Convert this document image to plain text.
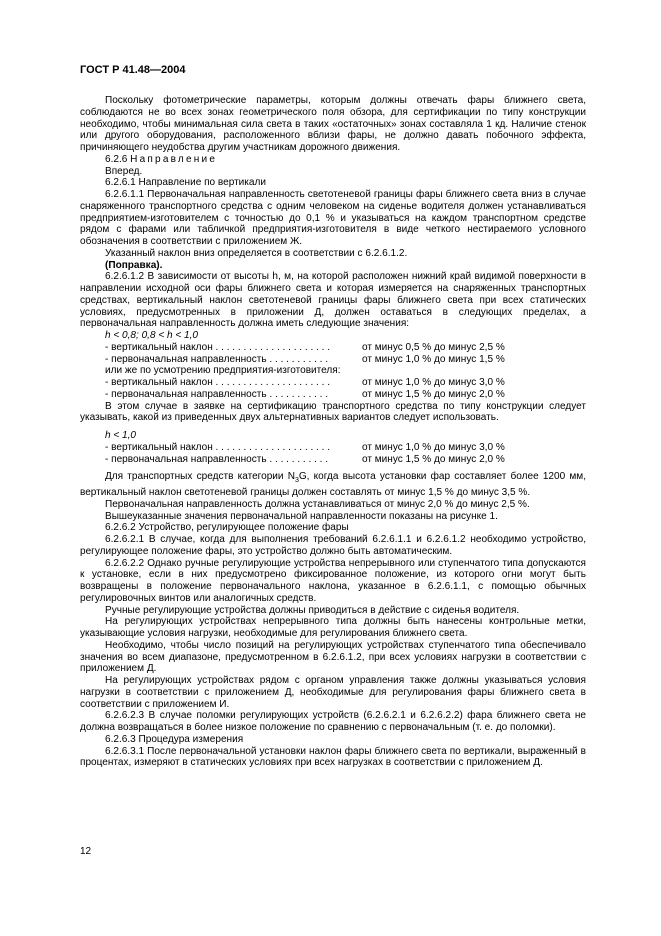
ГОСТ Р 41.48—2004

Поскольку фотометрические параметры, которым должны отвечать фары ближнего света, соблюдаются не во всех зонах геометрического поля обзора, для сертификации по типу конструкции необходимо, чтобы минимальная сила света в таких «остаточных» зонах составляла 1 кд. Наличие стенок или другого оборудования, расположенного вблизи фары, не должно давать побочного эффекта, причиняющего неудобства другим участникам дорожного движения.

6.2.6 Направление

Вперед.

6.2.6.1 Направление по вертикали

6.2.6.1.1 Первоначальная направленность светотеневой границы фары ближнего света вниз в случае снаряженного транспортного средства с одним человеком на сиденье водителя должен устанавливаться предприятием-изготовителем с точностью до 0,1 % и указываться на каждом транспортном средстве рядом с фарами или табличкой предприятия-изготовителя в виде четкого нестираемого условного обозначения в соответствии с приложением Ж.

Указанный наклон вниз определяется в соответствии с 6.2.6.1.2.

(Поправка).

6.2.6.1.2 В зависимости от высоты h, м, на которой расположен нижний край видимой поверхности в направлении исходной оси фары ближнего света и которая измеряется на снаряженных транспортных средствах, вертикальный наклон светотеневой границы фары ближнего света при всех статических условиях, предусмотренных в приложении Д, должен оставаться в следующих пределах, а первоначальная направленность должна иметь следующие значения:

h < 0,8; 0,8 < h < 1,0

- вертикальный наклон . . . . . . . . . . . . . . . . . . . . .	от минус 0,5 % до минус 2,5 %
- первоначальная направленность . . . . . . . . . . .	от минус 1,0 % до минус 1,5 %

или же по усмотрению предприятия-изготовителя:

- вертикальный наклон . . . . . . . . . . . . . . . . . . . . .	от минус 1,0 % до минус 3,0 %
- первоначальная направленность . . . . . . . . . . .	от минус 1,5 % до минус 2,0 %

В этом случае в заявке на сертификацию транспортного средства по типу конструкции следует указывать, какой из приведенных двух альтернативных вариантов следует использовать.

h < 1,0

- вертикальный наклон . . . . . . . . . . . . . . . . . . . . .	от минус 1,0 % до минус 3,0 %
- первоначальная направленность . . . . . . . . . . .	от минус 1,5 % до минус 2,0 %

Для транспортных средств категории $N_3G$, когда высота установки фар составляет более 1200 мм, вертикальный наклон светотеневой границы должен составлять от минус 1,5 % до минус 3,5 %.

Первоначальная направленность должна устанавливаться от минус 2,0 % до минус 2,5 %.

Вышеуказанные значения первоначальной направленности показаны на рисунке 1.

6.2.6.2 Устройство, регулирующее положение фары

6.2.6.2.1 В случае, когда для выполнения требований 6.2.6.1.1 и 6.2.6.1.2 необходимо устройство, регулирующее положение фары, это устройство должно быть автоматическим.

6.2.6.2.2 Однако ручные регулирующие устройства непрерывного или ступенчатого типа допускаются к установке, если в них предусмотрено фиксированное положение, из которого огни могут быть возвращены в положение первоначального наклона, указанное в 6.2.6.1.1, с помощью обычных регулировочных винтов или аналогичных средств.

Ручные регулирующие устройства должны приводиться в действие с сиденья водителя.

На регулирующих устройствах непрерывного типа должны быть нанесены контрольные метки, указывающие условия нагрузки, необходимые для регулирования ближнего света.

Необходимо, чтобы число позиций на регулирующих устройствах ступенчатого типа обеспечивало значения во всем диапазоне, предусмотренном в 6.2.6.1.2, при всех условиях нагрузки в соответствии с приложением Д.

На регулирующих устройствах рядом с органом управления также должны указываться условия нагрузки в соответствии с приложением Д, необходимые для регулирования фары ближнего света в соответствии с приложением И.

6.2.6.2.3 В случае поломки регулирующих устройств (6.2.6.2.1 и 6.2.6.2.2) фара ближнего света не должна возвращаться в более низкое положение по сравнению с первоначальным (т. е. до поломки).

6.2.6.3 Процедура измерения

6.2.6.3.1 После первоначальной установки наклон фары ближнего света по вертикали, выраженный в процентах, измеряют в статических условиях при всех нагрузках в соответствии с приложением Д.

12
